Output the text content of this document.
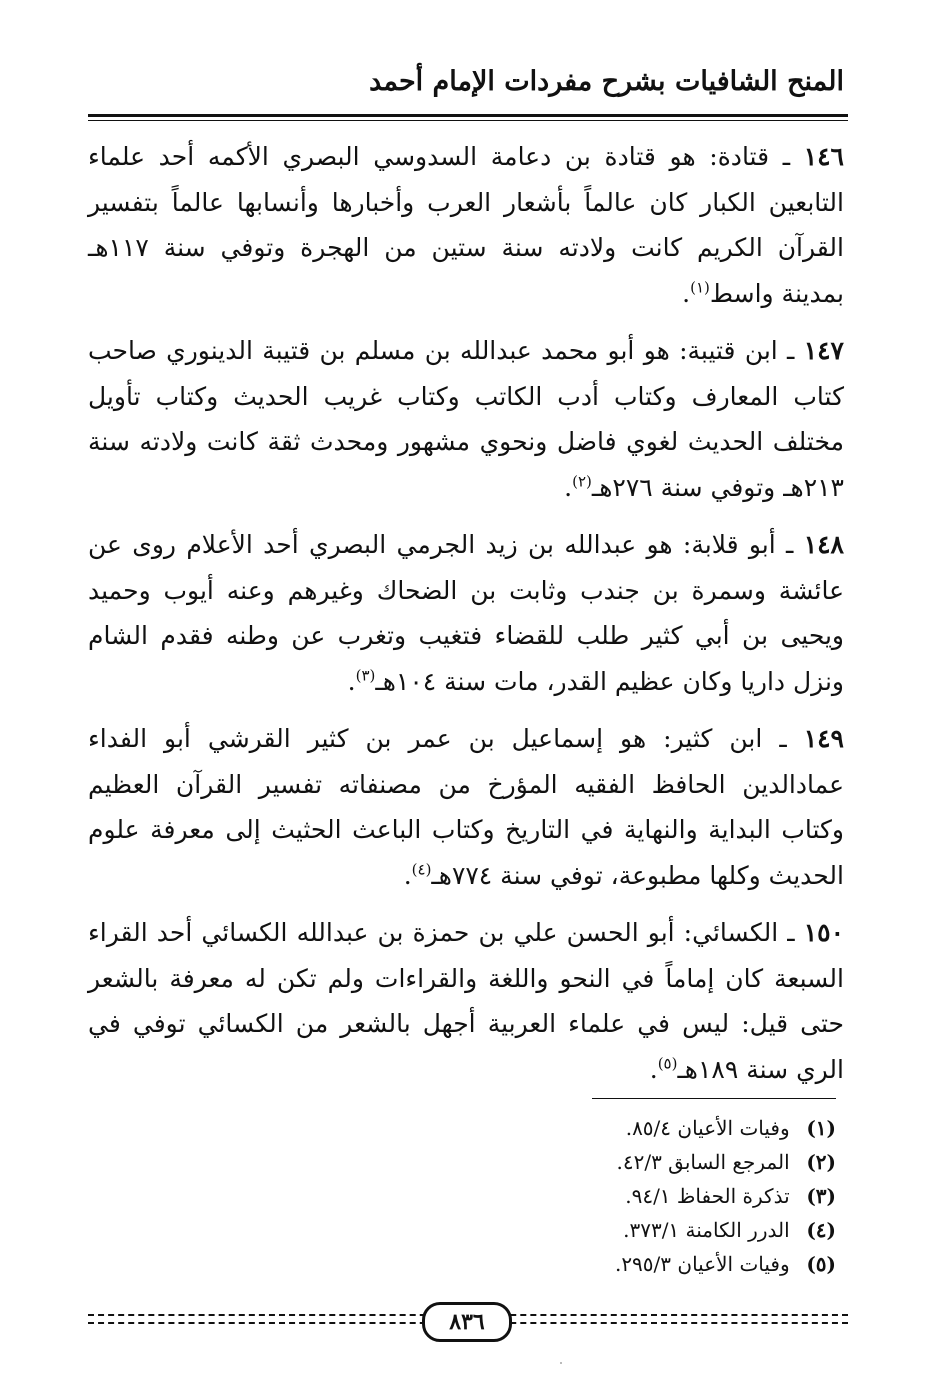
المنح الشافيات بشرح مفردات الإمام أحمد

١٤٦ ـ قتادة: هو قتادة بن دعامة السدوسي البصري الأكمه أحد علماء التابعين الكبار كان عالماً بأشعار العرب وأخبارها وأنسابها عالماً بتفسير القرآن الكريم كانت ولادته سنة ستين من الهجرة وتوفي سنة ١١٧هـ بمدينة واسط$^{(١)}$.

١٤٧ ـ ابن قتيبة: هو أبو محمد عبدالله بن مسلم بن قتيبة الدينوري صاحب كتاب المعارف وكتاب أدب الكاتب وكتاب غريب الحديث وكتاب تأويل مختلف الحديث لغوي فاضل ونحوي مشهور ومحدث ثقة كانت ولادته سنة ٢١٣هـ وتوفي سنة ٢٧٦هـ$^{(٢)}$.

١٤٨ ـ أبو قلابة: هو عبدالله بن زيد الجرمي البصري أحد الأعلام روى عن عائشة وسمرة بن جندب وثابت بن الضحاك وغيرهم وعنه أيوب وحميد ويحيى بن أبي كثير طلب للقضاء فتغيب وتغرب عن وطنه فقدم الشام ونزل داريا وكان عظيم القدر، مات سنة ١٠٤هـ$^{(٣)}$.

١٤٩ ـ ابن كثير: هو إسماعيل بن عمر بن كثير القرشي أبو الفداء عمادالدين الحافظ الفقيه المؤرخ من مصنفاته تفسير القرآن العظيم وكتاب البداية والنهاية في التاريخ وكتاب الباعث الحثيث إلى معرفة علوم الحديث وكلها مطبوعة، توفي سنة ٧٧٤هـ$^{(٤)}$.

١٥٠ ـ الكسائي: أبو الحسن علي بن حمزة بن عبدالله الكسائي أحد القراء السبعة كان إماماً في النحو واللغة والقراءات ولم تكن له معرفة بالشعر حتى قيل: ليس في علماء العربية أجهل بالشعر من الكسائي توفي في الري سنة ١٨٩هـ$^{(٥)}$.

(١) وفيات الأعيان ٨٥/٤.
(٢) المرجع السابق ٤٢/٣.
(٣) تذكرة الحفاظ ٩٤/١.
(٤) الدرر الكامنة ٣٧٣/١.
(٥) وفيات الأعيان ٢٩٥/٣.
٨٣٦
